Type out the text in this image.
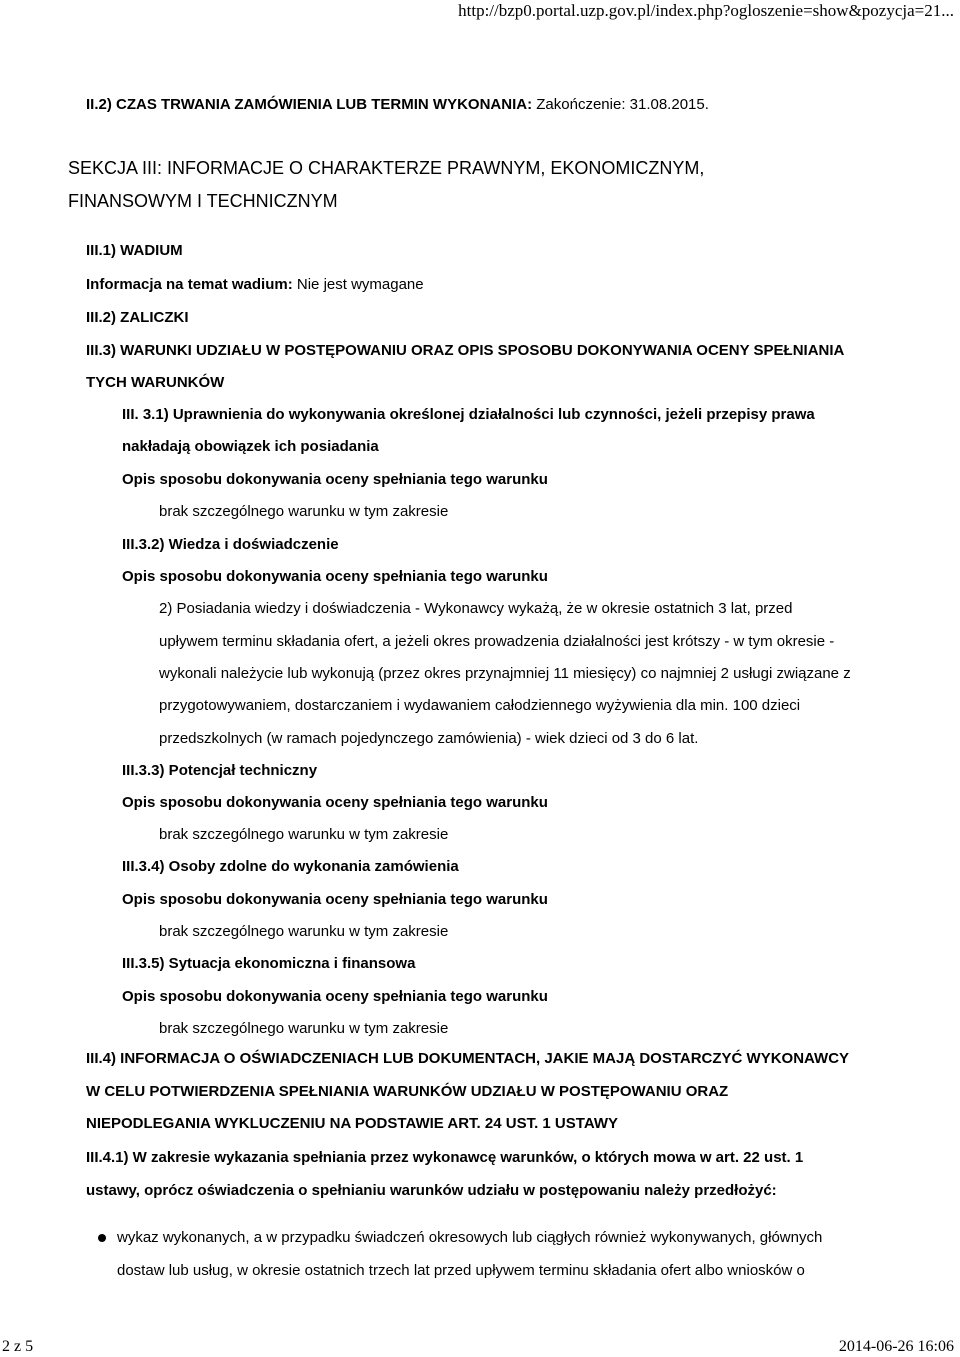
http://bzp0.portal.uzp.gov.pl/index.php?ogloszenie=show&pozycja=21...
II.2) CZAS TRWANIA ZAMÓWIENIA LUB TERMIN WYKONANIA: Zakończenie: 31.08.2015.
SEKCJA III: INFORMACJE O CHARAKTERZE PRAWNYM, EKONOMICZNYM,
FINANSOWYM I TECHNICZNYM
III.1) WADIUM
Informacja na temat wadium: Nie jest wymagane
III.2) ZALICZKI
III.3) WARUNKI UDZIAŁU W POSTĘPOWANIU ORAZ OPIS SPOSOBU DOKONYWANIA OCENY SPEŁNIANIA
TYCH WARUNKÓW
III. 3.1) Uprawnienia do wykonywania określonej działalności lub czynności, jeżeli przepisy prawa
nakładają obowiązek ich posiadania
Opis sposobu dokonywania oceny spełniania tego warunku
brak szczególnego warunku w tym zakresie
III.3.2) Wiedza i doświadczenie
Opis sposobu dokonywania oceny spełniania tego warunku
2) Posiadania wiedzy i doświadczenia - Wykonawcy wykażą, że w okresie ostatnich 3 lat, przed
upływem terminu składania ofert, a jeżeli okres prowadzenia działalności jest krótszy - w tym okresie -
wykonali należycie lub wykonują (przez okres przynajmniej 11 miesięcy) co najmniej 2 usługi związane z
przygotowywaniem, dostarczaniem i wydawaniem całodziennego wyżywienia dla min. 100 dzieci
przedszkolnych (w ramach pojedynczego zamówienia) - wiek dzieci od 3 do 6 lat.
III.3.3) Potencjał techniczny
Opis sposobu dokonywania oceny spełniania tego warunku
brak szczególnego warunku w tym zakresie
III.3.4) Osoby zdolne do wykonania zamówienia
Opis sposobu dokonywania oceny spełniania tego warunku
brak szczególnego warunku w tym zakresie
III.3.5) Sytuacja ekonomiczna i finansowa
Opis sposobu dokonywania oceny spełniania tego warunku
brak szczególnego warunku w tym zakresie
III.4) INFORMACJA O OŚWIADCZENIACH LUB DOKUMENTACH, JAKIE MAJĄ DOSTARCZYĆ WYKONAWCY
W CELU POTWIERDZENIA SPEŁNIANIA WARUNKÓW UDZIAŁU W POSTĘPOWANIU ORAZ
NIEPODLEGANIA WYKLUCZENIU NA PODSTAWIE ART. 24 UST. 1 USTAWY
III.4.1) W zakresie wykazania spełniania przez wykonawcę warunków, o których mowa w art. 22 ust. 1
ustawy, oprócz oświadczenia o spełnianiu warunków udziału w postępowaniu należy przedłożyć:
wykaz wykonanych, a w przypadku świadczeń okresowych lub ciągłych również wykonywanych, głównych
dostaw lub usług, w okresie ostatnich trzech lat przed upływem terminu składania ofert albo wniosków o
2 z 5	2014-06-26 16:06
